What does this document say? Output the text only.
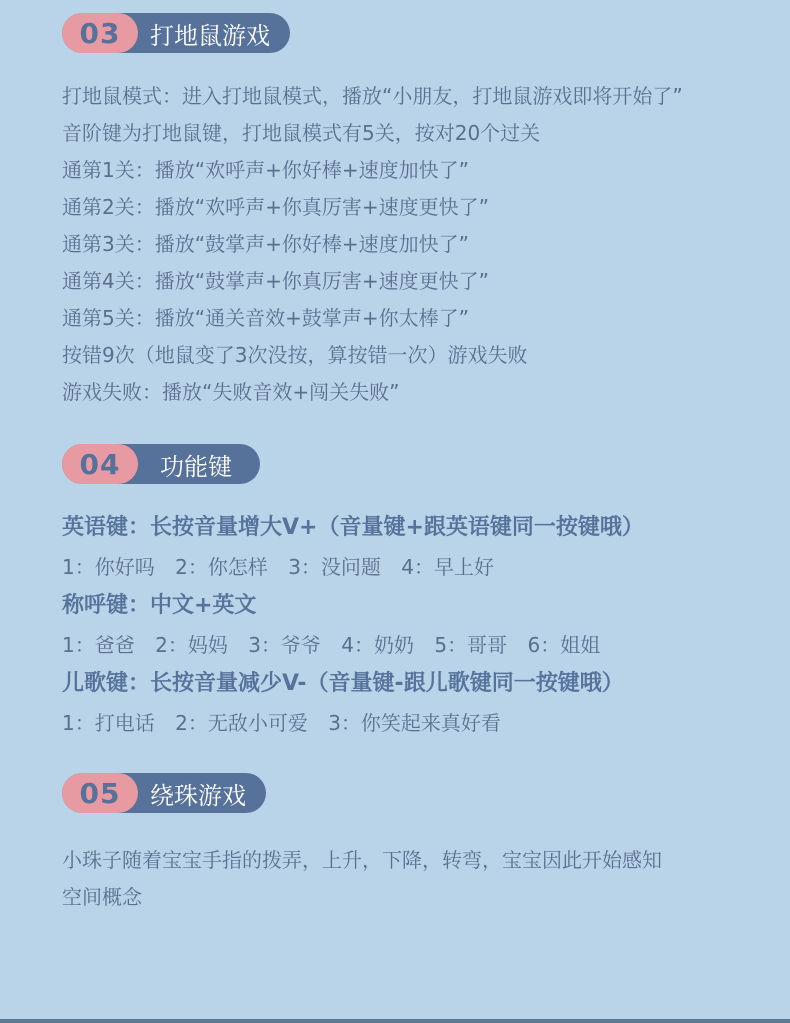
03	打地鼠游戏
打地鼠模式：进入打地鼠模式，播放“小朋友，打地鼠游戏即将开始了”
音阶键为打地鼠键，打地鼠模式有5关，按对20个过关
通第1关：播放“欢呼声+你好棒+速度加快了”
通第2关：播放“欢呼声+你真厉害+速度更快了”
通第3关：播放“鼓掌声+你好棒+速度加快了”
通第4关：播放“鼓掌声+你真厉害+速度更快了”
通第5关：播放“通关音效+鼓掌声+你太棒了”
按错9次（地鼠变了3次没按，算按错一次）游戏失败
游戏失败：播放“失败音效+闯关失败”
04	功能键
英语键：长按音量增大V+（音量键+跟英语键同一按键哦）
1：你好吗 2：你怎样 3：没问题 4：早上好
称呼键：中文+英文
1：爸爸 2：妈妈 3：爷爷 4：奶奶 5：哥哥 6：姐姐
儿歌键：长按音量减少V-（音量键-跟儿歌键同一按键哦）
1：打电话 2：无敌小可爱 3：你笑起来真好看
05	绕珠游戏
小珠子随着宝宝手指的拨弄，上升，下降，转弯，宝宝因此开始感知
空间概念
